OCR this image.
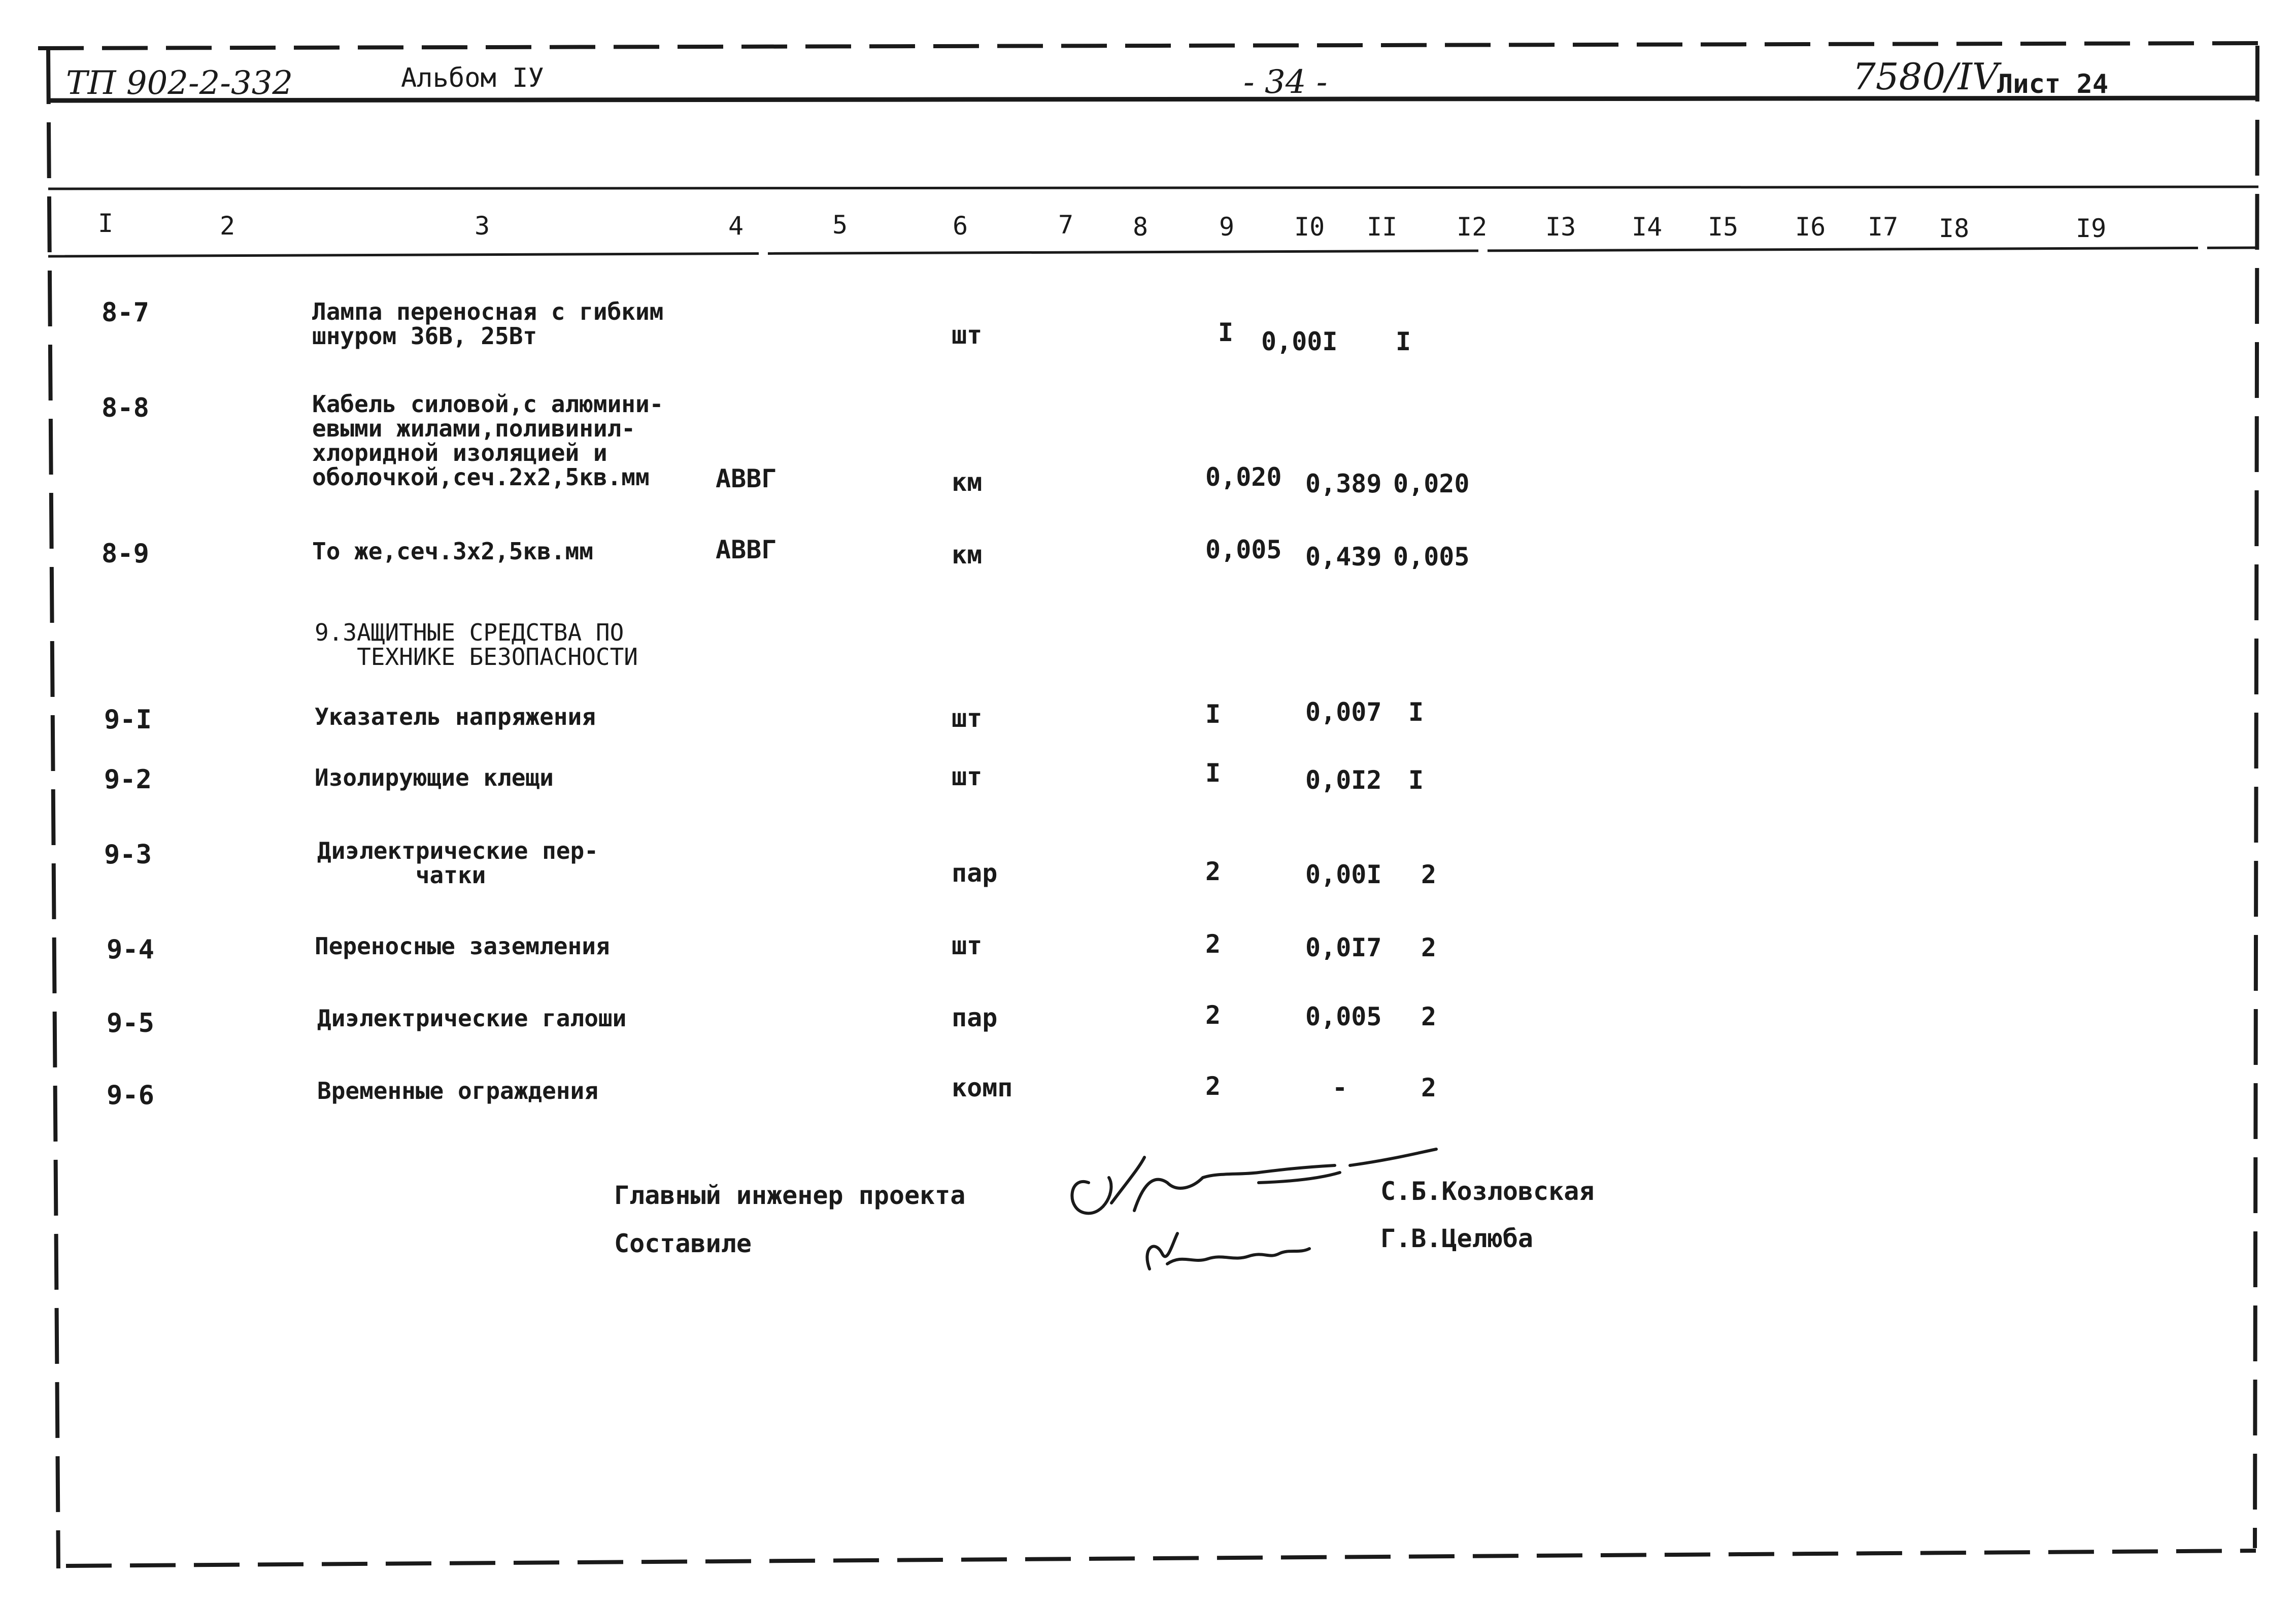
ТП 902-2-332	Альбом IУ	- 34 -	7580/IV
Лист 24
I	2	3	4	5	6	7 8	9 I0 II I2 I3 I4 I5 I6 I7 I8	I9
8-7	Лампа переносная с гибким
шнуром 36В, 25Вт	шт	I 0,00I I
8-8	Кабель силовой,с алюмини-
евыми жилами,поливинил-
хлоридной изоляцией и
оболочкой,сеч.2х2,5кв.мм	АВВГ	км	0,020 0,389 0,020
8-9	То же,сеч.3х2,5кв.мм	АВВГ	км	0,005 0,439 0,005
9.ЗАЩИТНЫЕ СРЕДСТВА ПО
ТЕХНИКЕ БЕЗОПАСНОСТИ
9-I	Указатель напряжения	шт	I	0,007 I
9-2	Изолирующие клещи	шт	I	0,0I2 I
9-3	Диэлектрические пер-
чатки	пар	2	0,00I 2
9-4	Переносные заземления	шт	2	0,0I7 2
9-5	Диэлектрические галоши	пар	2	0,005 2
9-6	Временные ограждения	комп	2	-	2
Главный инженер проекта	С.Б.Козловская
Составиле	Г.В.Целюба
